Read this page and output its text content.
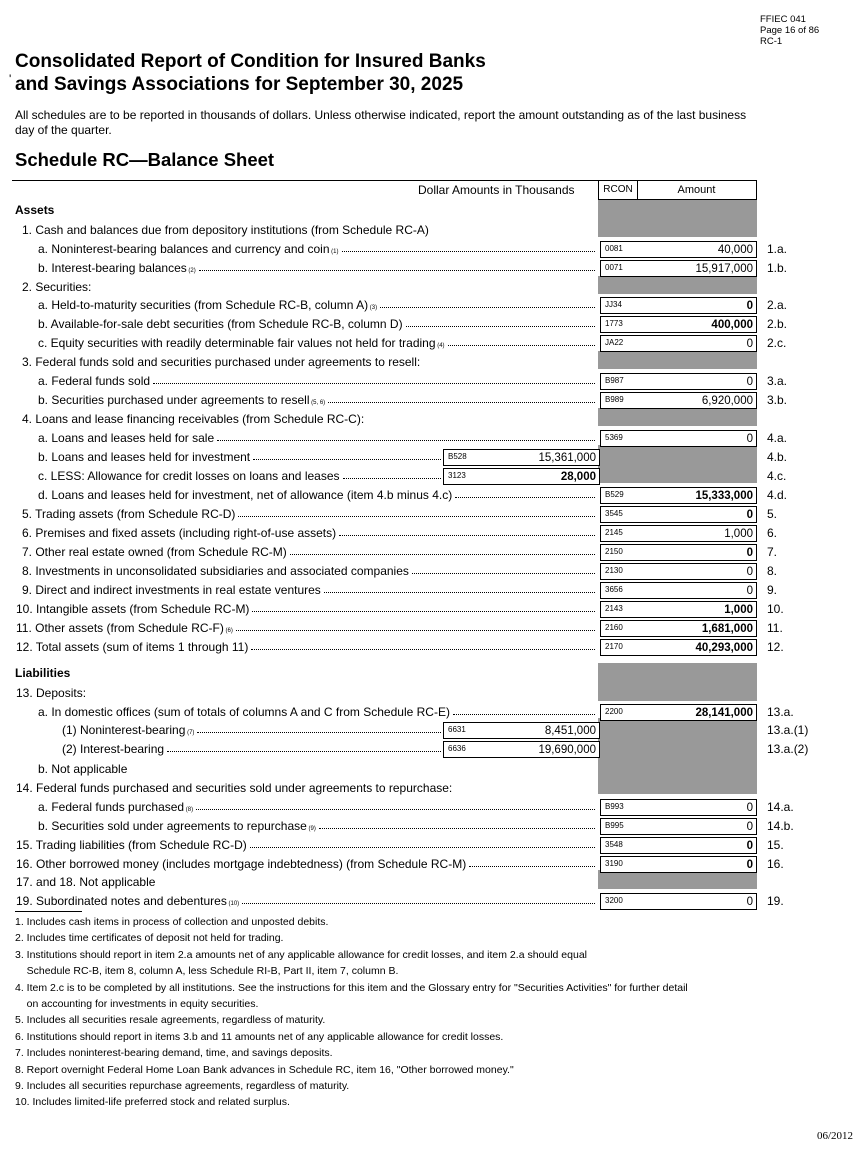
FFIEC 041
Page 16 of 86
RC-1
'
Consolidated Report of Condition for Insured Banks
and Savings Associations for September 30, 2025
All schedules are to be reported in thousands of dollars. Unless otherwise indicated, report the amount outstanding as of the last business day of the quarter.
Schedule RC—Balance Sheet
Dollar Amounts in Thousands	RCON	Amount
Assets
Liabilities
1. Cash and balances due from depository institutions (from Schedule RC-A)
a. Noninterest-bearing balances and currency and coin (1)	0081	40,000	1.a.
b. Interest-bearing balances (2)	0071	15,917,000	1.b.
2. Securities:
a. Held-to-maturity securities (from Schedule RC-B, column A) (3)	JJ34	0	2.a.
b. Available-for-sale debt securities (from Schedule RC-B, column D)	1773	400,000	2.b.
c. Equity securities with readily determinable fair values not held for trading (4)	JA22	0	2.c.
3. Federal funds sold and securities purchased under agreements to resell:
a. Federal funds sold	B987	0	3.a.
b. Securities purchased under agreements to resell (5, 6)	B989	6,920,000	3.b.
4. Loans and lease financing receivables (from Schedule RC-C):
a. Loans and leases held for sale	5369	0	4.a.
b. Loans and leases held for investment	B528	15,361,000	4.b.
c. LESS: Allowance for credit losses on loans and leases	3123	28,000	4.c.
d. Loans and leases held for investment, net of allowance (item 4.b minus 4.c)	B529	15,333,000	4.d.
5. Trading assets (from Schedule RC-D)	3545	0	5.
6. Premises and fixed assets (including right-of-use assets)	2145	1,000	6.
7. Other real estate owned (from Schedule RC-M)	2150	0	7.
8. Investments in unconsolidated subsidiaries and associated companies	2130	0	8.
9. Direct and indirect investments in real estate ventures	3656	0	9.
10. Intangible assets (from Schedule RC-M)	2143	1,000	10.
11. Other assets (from Schedule RC-F) (6)	2160	1,681,000	11.
12. Total assets (sum of items 1 through 11)	2170	40,293,000	12.
13. Deposits:
a. In domestic offices (sum of totals of columns A and C from Schedule RC-E)	2200	28,141,000	13.a.
(1) Noninterest-bearing (7)	6631	8,451,000	13.a.(1)
(2) Interest-bearing	6636	19,690,000	13.a.(2)
b. Not applicable
14. Federal funds purchased and securities sold under agreements to repurchase:
a. Federal funds purchased (8)	B993	0	14.a.
b. Securities sold under agreements to repurchase (9)	B995	0	14.b.
15. Trading liabilities (from Schedule RC-D)	3548	0	15.
16. Other borrowed money (includes mortgage indebtedness) (from Schedule RC-M)	3190	0	16.
17. and 18. Not applicable
19. Subordinated notes and debentures (10)	3200	0	19.
1. Includes cash items in process of collection and unposted debits.
2. Includes time certificates of deposit not held for trading.
3. Institutions should report in item 2.a amounts net of any applicable allowance for credit losses, and item 2.a should equal
Schedule RC-B, item 8, column A, less Schedule RI-B, Part II, item 7, column B.
4. Item 2.c is to be completed by all institutions. See the instructions for this item and the Glossary entry for "Securities Activities" for further detail
on accounting for investments in equity securities.
5. Includes all securities resale agreements, regardless of maturity.
6. Institutions should report in items 3.b and 11 amounts net of any applicable allowance for credit losses.
7. Includes noninterest-bearing demand, time, and savings deposits.
8. Report overnight Federal Home Loan Bank advances in Schedule RC, item 16, "Other borrowed money."
9. Includes all securities repurchase agreements, regardless of maturity.
10. Includes limited-life preferred stock and related surplus.
06/2012
